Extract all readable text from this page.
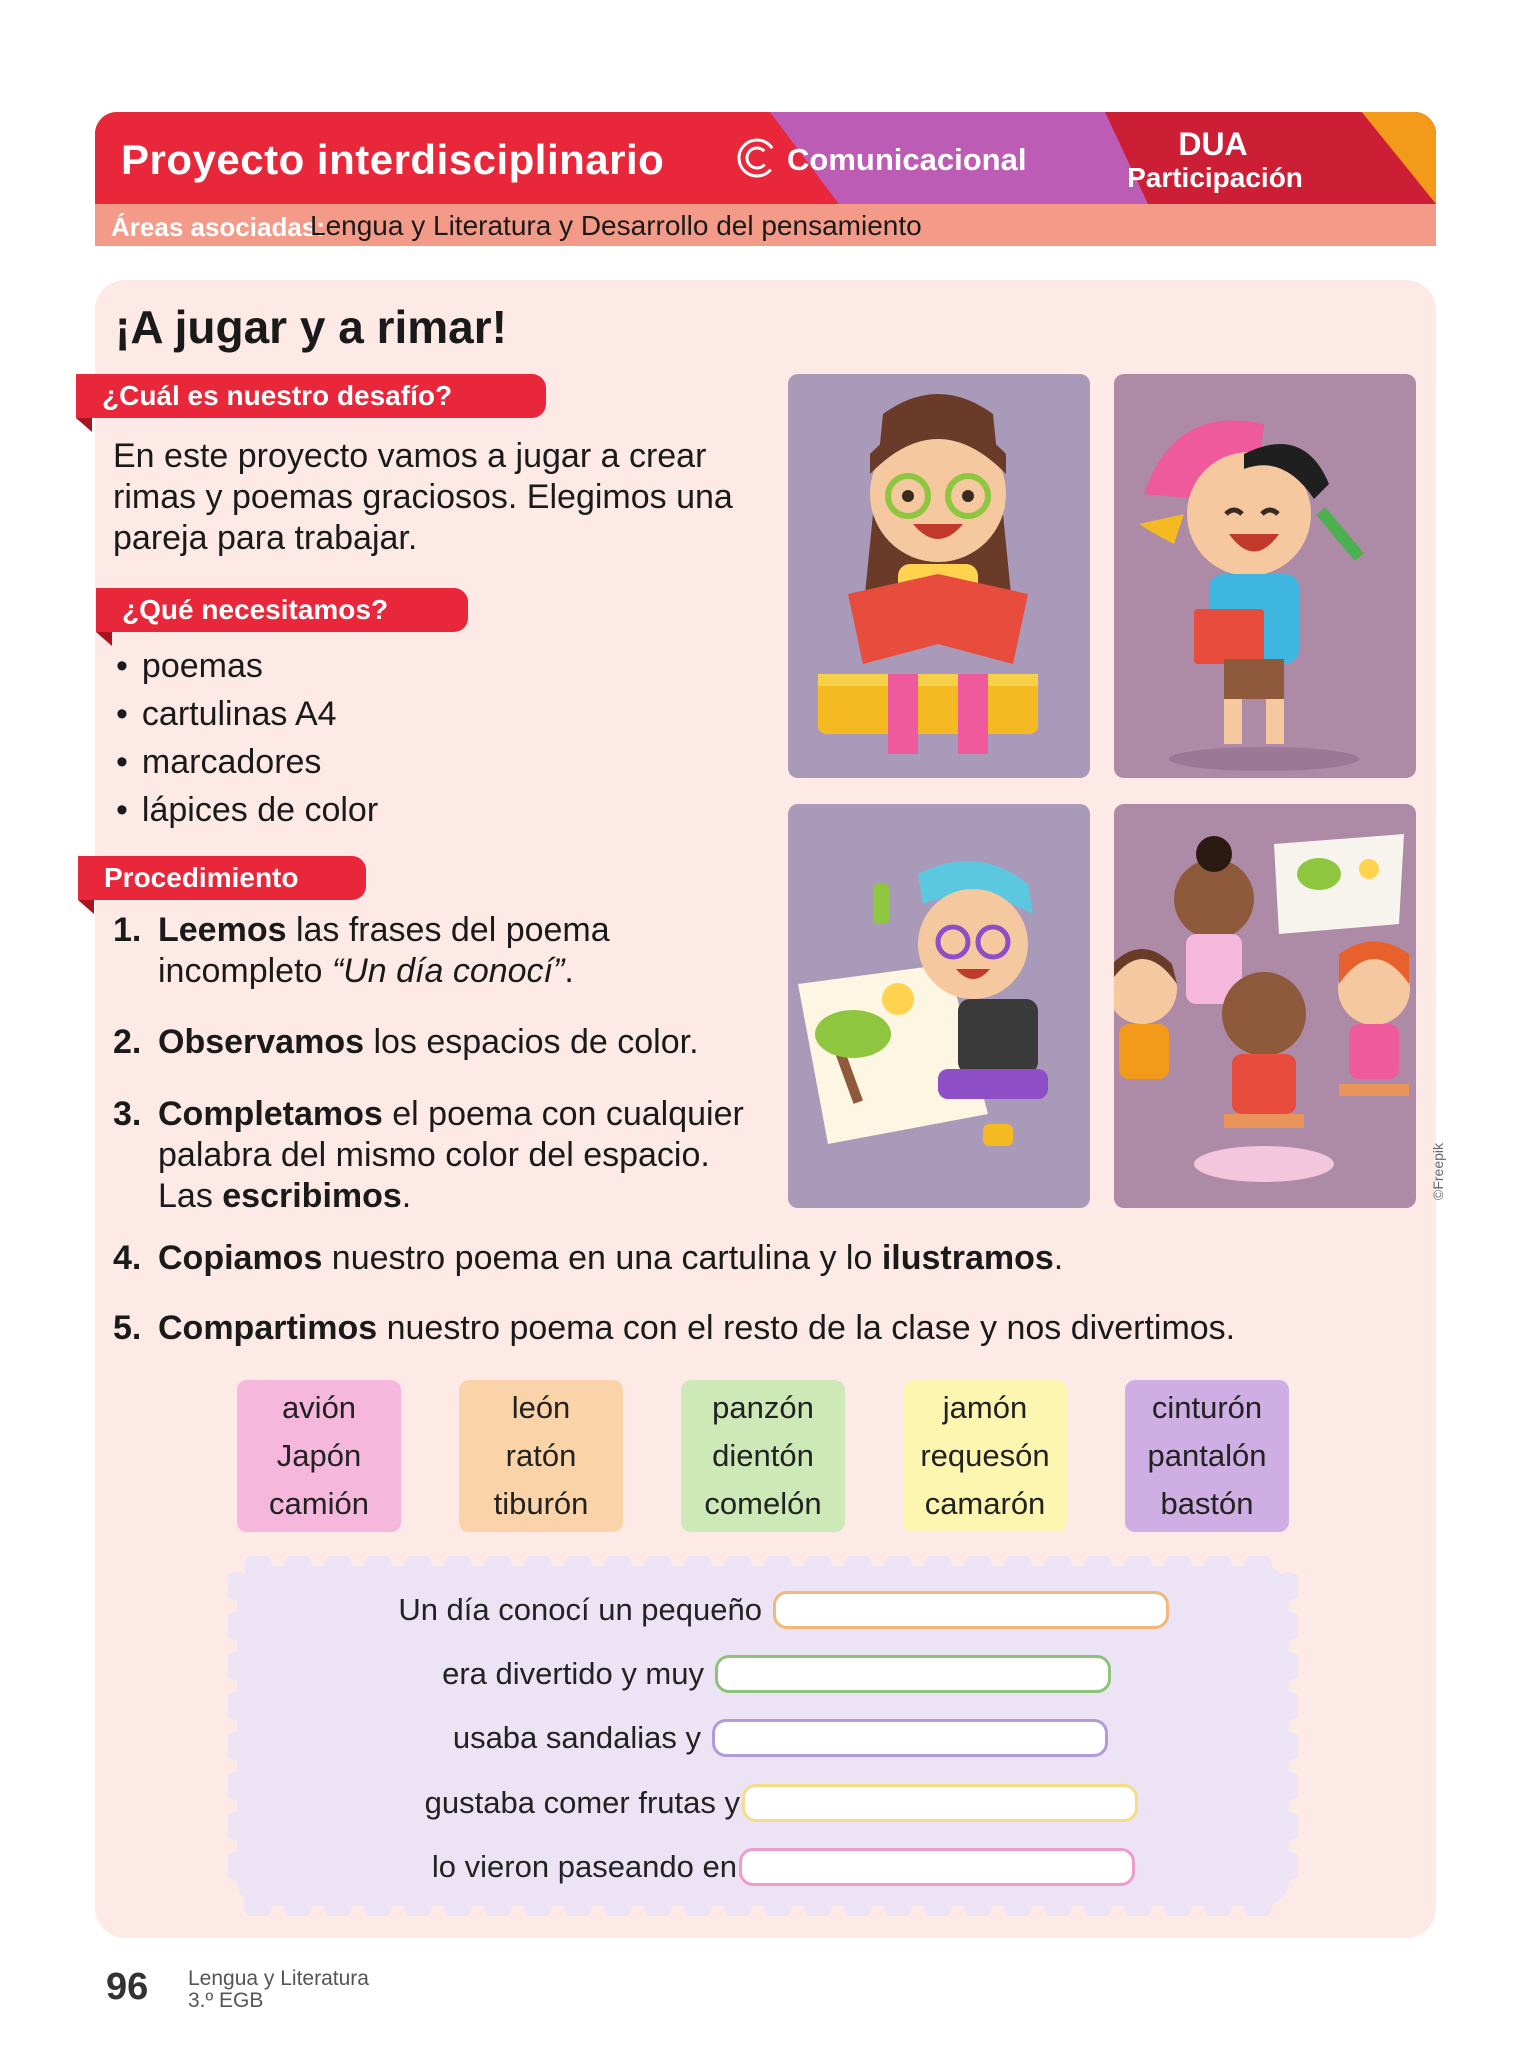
Proyecto interdisciplinario	Comunicacional	DUA
Participación
Áreas asociadas:
Lengua y Literatura y Desarrollo del pensamiento
¡A jugar y a rimar!
¿Cuál es nuestro desafío?

En este proyecto vamos a jugar a crear rimas y poemas graciosos. Elegimos una pareja para trabajar.

¿Qué necesitamos?
• poemas
• cartulinas A4
• marcadores
• lápices de color
Procedimiento
1. Leemos las frases del poema incompleto “Un día conocí”.
2. Observamos los espacios de color.
3. Completamos el poema con cualquier palabra del mismo color del espacio. Las escribimos.
4. Copiamos nuestro poema en una cartulina y lo ilustramos.
5. Compartimos nuestro poema con el resto de la clase y nos divertimos.
©Freepik
avión
Japón
camión
león
ratón
tiburón
panzón
dientón
comelón
jamón
requesón
camarón
cinturón
pantalón
bastón
Un día conocí un pequeño
era divertido y muy
usaba sandalias y
gustaba comer frutas y
lo vieron paseando en
96 Lengua y Literatura
3.º EGB
